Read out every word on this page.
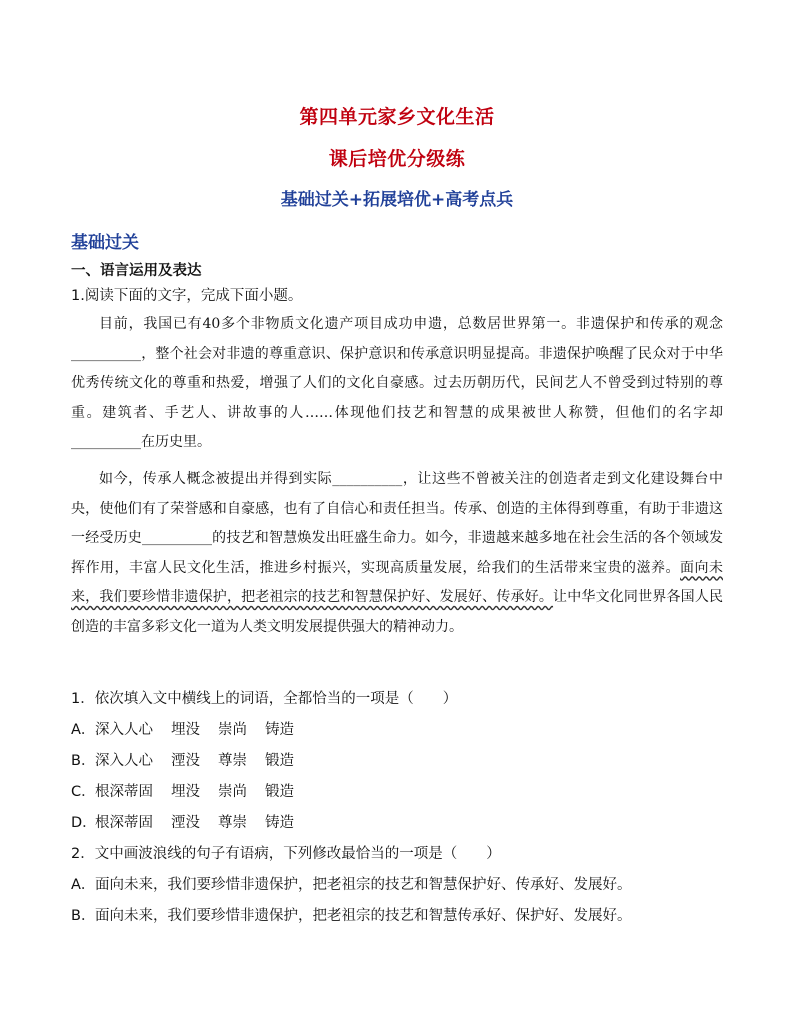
第四单元家乡文化生活
课后培优分级练
基础过关+拓展培优+高考点兵
基础过关
一、语言运用及表达
1.阅读下面的文字，完成下面小题。

目前，我国已有40多个非物质文化遗产项目成功申遗，总数居世界第一。非遗保护和传承的观念__________，整个社会对非遗的尊重意识、保护意识和传承意识明显提高。非遗保护唤醒了民众对于中华优秀传统文化的尊重和热爱，增强了人们的文化自豪感。过去历朝历代，民间艺人不曾受到过特别的尊重。建筑者、手艺人、讲故事的人……体现他们技艺和智慧的成果被世人称赞，但他们的名字却__________在历史里。

如今，传承人概念被提出并得到实际__________，让这些不曾被关注的创造者走到文化建设舞台中央，使他们有了荣誉感和自豪感，也有了自信心和责任担当。传承、创造的主体得到尊重，有助于非遗这一经受历史__________的技艺和智慧焕发出旺盛生命力。如今，非遗越来越多地在社会生活的各个领域发挥作用，丰富人民文化生活，推进乡村振兴，实现高质量发展，给我们的生活带来宝贵的滋养。面向未来，我们要珍惜非遗保护，把老祖宗的技艺和智慧保护好、发展好、传承好。让中华文化同世界各国人民创造的丰富多彩文化一道为人类文明发展提供强大的精神动力。

1．依次填入文中横线上的词语，全都恰当的一项是（　　）
A．深入人心 埋没 崇尚 铸造
B．深入人心 湮没 尊崇 锻造
C．根深蒂固 埋没 崇尚 锻造
D．根深蒂固 湮没 尊崇 铸造
2．文中画波浪线的句子有语病，下列修改最恰当的一项是（　　）
A．面向未来，我们要珍惜非遗保护，把老祖宗的技艺和智慧保护好、传承好、发展好。
B．面向未来，我们要珍惜非遗保护，把老祖宗的技艺和智慧传承好、保护好、发展好。
